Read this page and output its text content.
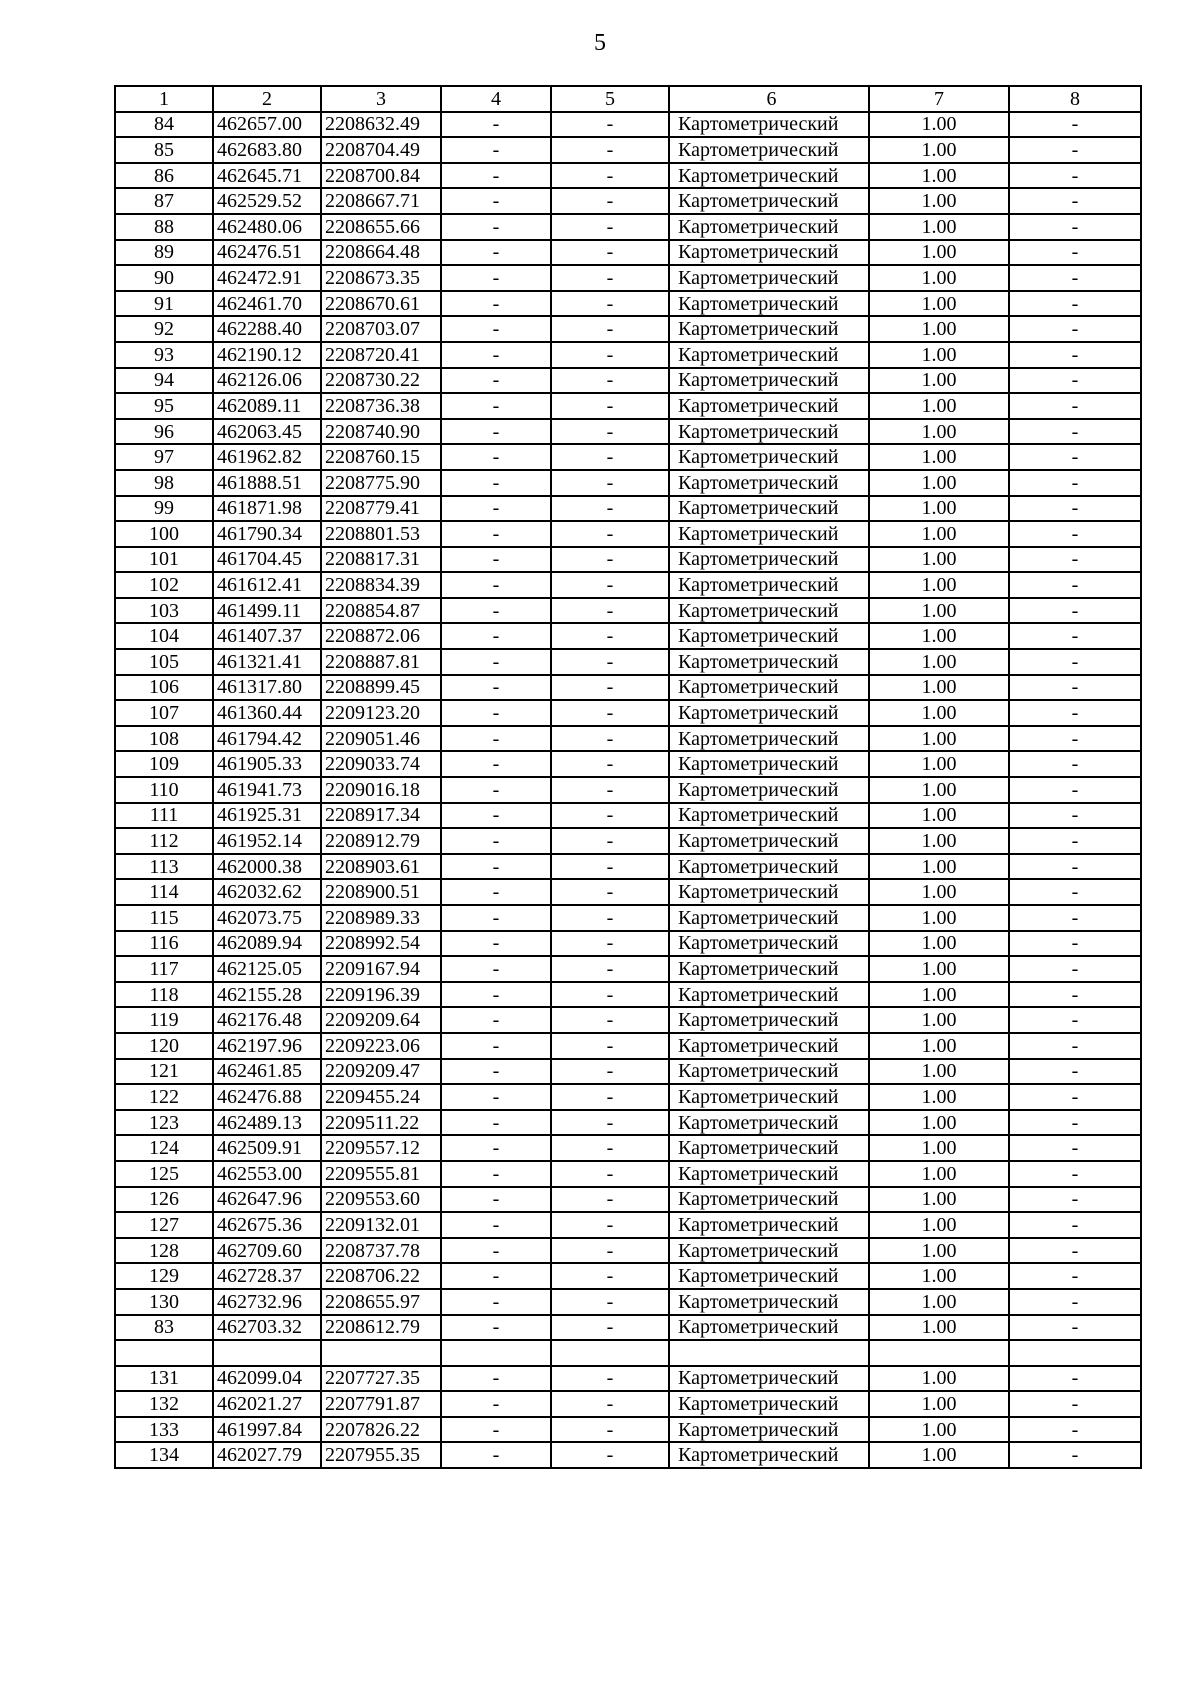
5
1	2	3	4	5	6	7	8
84	462657.00	2208632.49	-	-	Картометрический	1.00	-
85	462683.80	2208704.49	-	-	Картометрический	1.00	-
86	462645.71	2208700.84	-	-	Картометрический	1.00	-
87	462529.52	2208667.71	-	-	Картометрический	1.00	-
88	462480.06	2208655.66	-	-	Картометрический	1.00	-
89	462476.51	2208664.48	-	-	Картометрический	1.00	-
90	462472.91	2208673.35	-	-	Картометрический	1.00	-
91	462461.70	2208670.61	-	-	Картометрический	1.00	-
92	462288.40	2208703.07	-	-	Картометрический	1.00	-
93	462190.12	2208720.41	-	-	Картометрический	1.00	-
94	462126.06	2208730.22	-	-	Картометрический	1.00	-
95	462089.11	2208736.38	-	-	Картометрический	1.00	-
96	462063.45	2208740.90	-	-	Картометрический	1.00	-
97	461962.82	2208760.15	-	-	Картометрический	1.00	-
98	461888.51	2208775.90	-	-	Картометрический	1.00	-
99	461871.98	2208779.41	-	-	Картометрический	1.00	-
100	461790.34	2208801.53	-	-	Картометрический	1.00	-
101	461704.45	2208817.31	-	-	Картометрический	1.00	-
102	461612.41	2208834.39	-	-	Картометрический	1.00	-
103	461499.11	2208854.87	-	-	Картометрический	1.00	-
104	461407.37	2208872.06	-	-	Картометрический	1.00	-
105	461321.41	2208887.81	-	-	Картометрический	1.00	-
106	461317.80	2208899.45	-	-	Картометрический	1.00	-
107	461360.44	2209123.20	-	-	Картометрический	1.00	-
108	461794.42	2209051.46	-	-	Картометрический	1.00	-
109	461905.33	2209033.74	-	-	Картометрический	1.00	-
110	461941.73	2209016.18	-	-	Картометрический	1.00	-
111	461925.31	2208917.34	-	-	Картометрический	1.00	-
112	461952.14	2208912.79	-	-	Картометрический	1.00	-
113	462000.38	2208903.61	-	-	Картометрический	1.00	-
114	462032.62	2208900.51	-	-	Картометрический	1.00	-
115	462073.75	2208989.33	-	-	Картометрический	1.00	-
116	462089.94	2208992.54	-	-	Картометрический	1.00	-
117	462125.05	2209167.94	-	-	Картометрический	1.00	-
118	462155.28	2209196.39	-	-	Картометрический	1.00	-
119	462176.48	2209209.64	-	-	Картометрический	1.00	-
120	462197.96	2209223.06	-	-	Картометрический	1.00	-
121	462461.85	2209209.47	-	-	Картометрический	1.00	-
122	462476.88	2209455.24	-	-	Картометрический	1.00	-
123	462489.13	2209511.22	-	-	Картометрический	1.00	-
124	462509.91	2209557.12	-	-	Картометрический	1.00	-
125	462553.00	2209555.81	-	-	Картометрический	1.00	-
126	462647.96	2209553.60	-	-	Картометрический	1.00	-
127	462675.36	2209132.01	-	-	Картометрический	1.00	-
128	462709.60	2208737.78	-	-	Картометрический	1.00	-
129	462728.37	2208706.22	-	-	Картометрический	1.00	-
130	462732.96	2208655.97	-	-	Картометрический	1.00	-
83	462703.32	2208612.79	-	-	Картометрический	1.00	-

131	462099.04	2207727.35	-	-	Картометрический	1.00	-
132	462021.27	2207791.87	-	-	Картометрический	1.00	-
133	461997.84	2207826.22	-	-	Картометрический	1.00	-
134	462027.79	2207955.35	-	-	Картометрический	1.00	-
